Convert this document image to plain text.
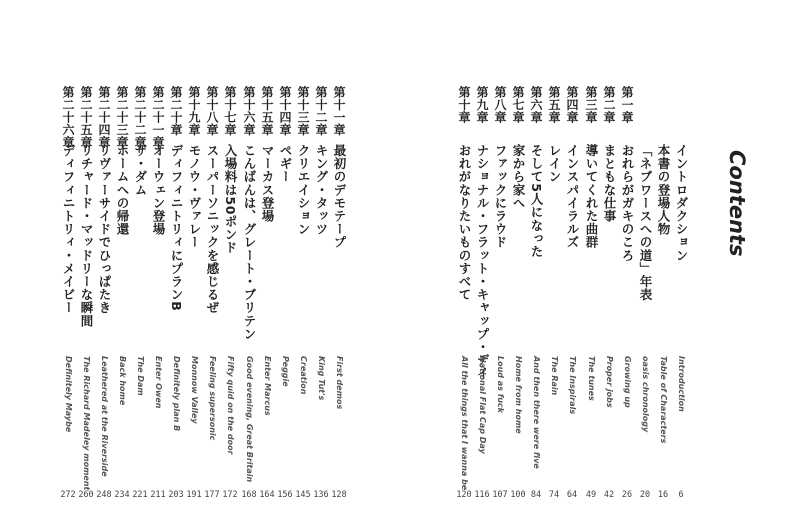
Contents
イントロダクション
Introduction
6
本書の登場人物
Table of Characters
16
「ネブワースへの道」年表
oasis chronology
20
第一章
おれらがガキのころ
Growing up
26
第二章
まともな仕事
Proper jobs
42
第三章
導いてくれた曲群
The tunes
49
第四章
インスパイラルズ
The Inspirals
64
第五章
レイン
The Rain
74
第六章
そして5人になった
And then there were five
84
第七章
家から家へ
Home from home
100
第八章
ファックにラウド
Loud as fuck
107
第九章
ナショナル・フラット・キャップ・デイ
National Flat Cap Day
116
第十章
おれがなりたいものすべて
All the things that I wanna be
120
第十一章
最初のデモテープ
First demos
128
第十二章
キング・タッツ
King Tut's
136
第十三章
クリエイション
Creation
145
第十四章
ペギー
Peggie
156
第十五章
マーカス登場
Enter Marcus
164
第十六章
こんばんは、グレート・ブリテン
Good evening, Great Britain
168
第十七章
入場料は50ポンド
Fifty quid on the door
172
第十八章
スーパーソニックを感じるぜ
Feeling supersonic
177
第十九章
モノウ・ヴァレー
Monnow Valley
191
第二十章
ディフィニトリィにプランB
Definitely plan B
203
第二十一章
オーウェン登場
Enter Owen
211
第二十二章
ザ・ダム
The Dam
221
第二十三章
ホームへの帰還
Back home
234
第二十四章
リヴァーサイドでひっぱたき
Leathered at the Riverside
248
第二十五章
リチャード・マッドリーな瞬間
The Richard Madeley moment
260
第二十六章
ディフィニトリィ・メイビー
Definitely Maybe
272
